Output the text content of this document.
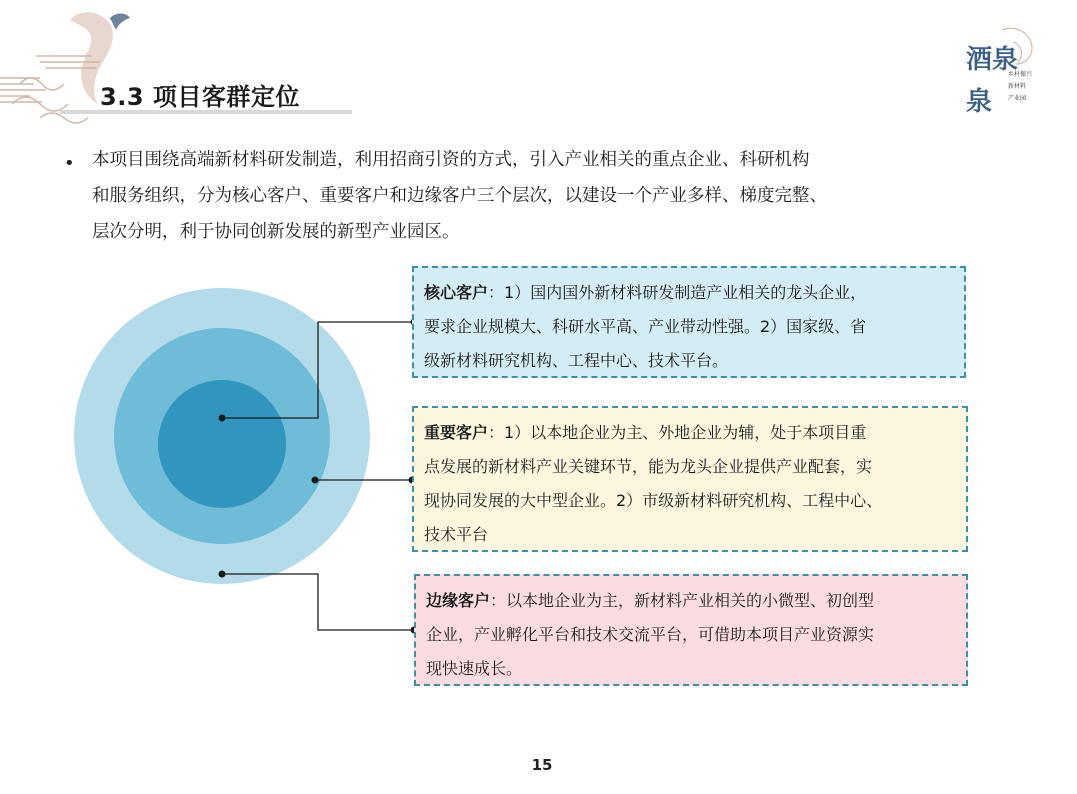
酒泉
泉
乡村振兴
新材料
产业园
3.3 项目客群定位
• 本项目围绕高端新材料研发制造，利用招商引资的方式，引入产业相关的重点企业、科研机构
和服务组织，分为核心客户、重要客户和边缘客户三个层次，以建设一个产业多样、梯度完整、
层次分明，利于协同创新发展的新型产业园区。
核心客户：1）国内国外新材料研发制造产业相关的龙头企业，
要求企业规模大、科研水平高、产业带动性强。2）国家级、省
级新材料研究机构、工程中心、技术平台。
重要客户：1）以本地企业为主、外地企业为辅，处于本项目重
点发展的新材料产业关键环节，能为龙头企业提供产业配套，实
现协同发展的大中型企业。2）市级新材料研究机构、工程中心、
技术平台
边缘客户：以本地企业为主，新材料产业相关的小微型、初创型
企业，产业孵化平台和技术交流平台，可借助本项目产业资源实
现快速成长。
15
